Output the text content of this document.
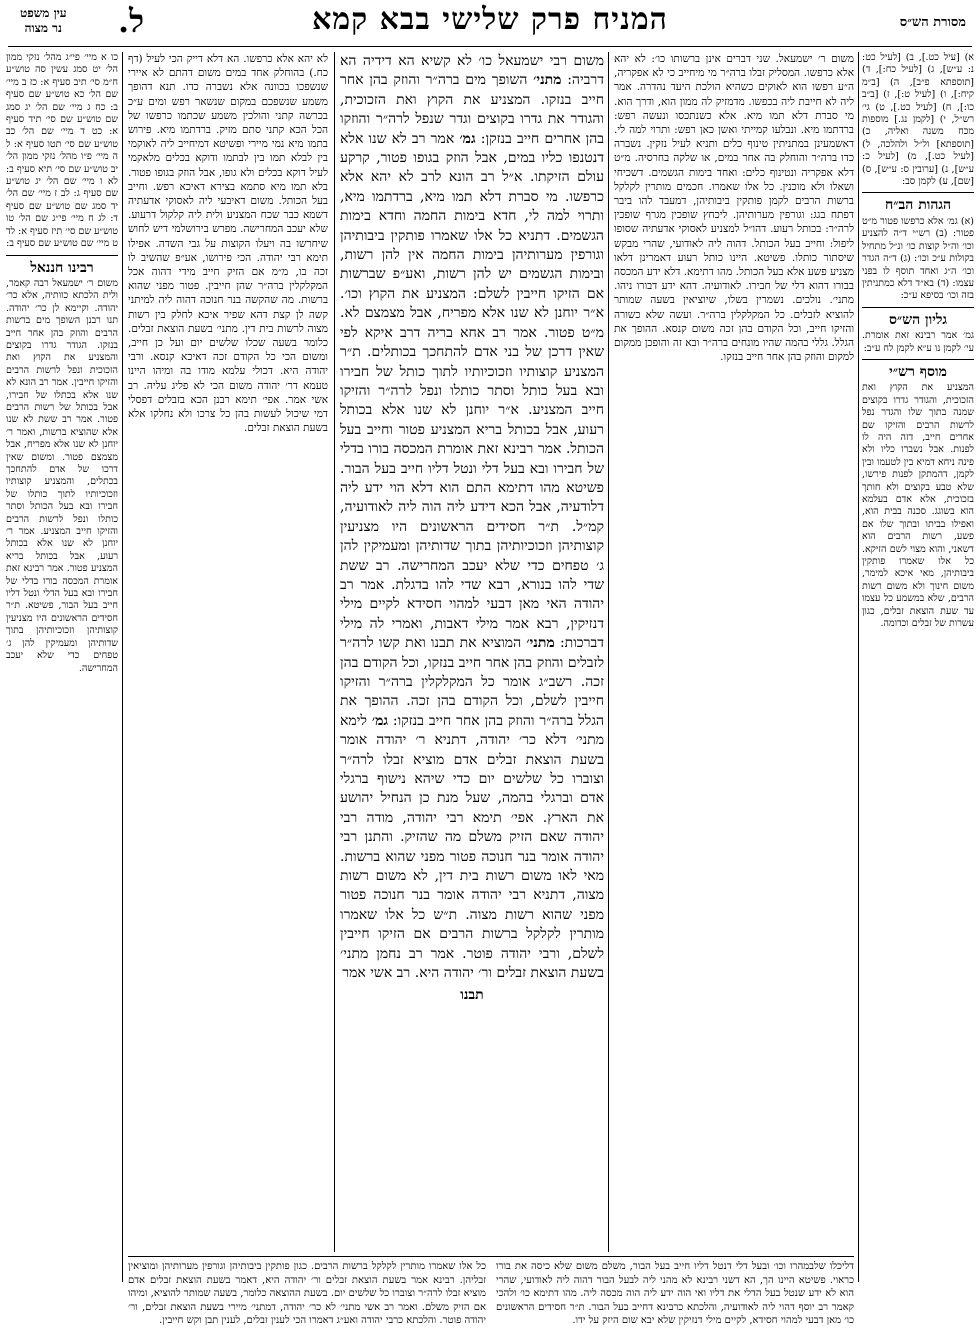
מסורת הש״ס
המניח פרק שלישי בבא קמא
ל.
עין משפט
נר מצוה
א) [עיל כט.], ב) [לעיל כט: נ: ע״ש], ג) [לעיל כח:], ד) [תוספתא פ״ב], ה) [ב״מ קיח:], ו) [לעיל ט:], ז) [ב״ב כו:], ח) [לעיל כט.], ט) גי׳ רש״ל, י) [לקמן נג.] מוספות מכח משנה ואליה, כ) [תוספתא] ול״ל ולהלכה, ל) [לעיל כט.], מ) [לעיל כ: ע״ש], נ) [ערובין ס: ע״ש], ס) [שם], ע) לקמן סב:
הגהות הב״ח
(א) גמ׳ אלא כרפשו פטור מ״ט פטור: (ב) רש״י ד״ה להצניע וכו׳ וה״ל קוצות כו׳ ונ״ל מתחיל בקולות ע״כ וכו׳: (ג) ד״ה הגדר וכו׳ ה״ג ואחד תוסף לו בפני עצמו: (ד) בא״ד דלא כמתניתין בזה וכו׳ בסיפא ע״כ:
גליון הש״ס
גמ׳ אמר רבינא זאת אומרת. עי׳ לקמן נו ע״א לקמן לח ע״ב:
מוסף רש״י
המצניע את הקוץ ואת הזכוכית, והגודר גדרו בקוצים שמנה בתוך שלו והגדר נפל לרשות הרבים והזיקו שם אחרים חייב, דזה היה לו לפנות. אבל נשברו כליו ולא פינה ניחא דמיא בין לטעמו ובין לקמן, דהמתקן לפנות פירשו, שלא טבע בקוצים ולא חותך בזכוכית, אלא אדם בעלמא הוא בשוגג. סכנה בבית הוא, ואפילו בביתו ובתוך שלו אם פשע, רשות הרבים הוא דשאני, והוא מצוי לשם הזיקא. כל אלו שאמרו פותקין ביבותיהן, מאי איכא למימר, משום חינוך ולא משום רשות הרבים, שלא במשמע כל עצמו עד שעת הוצאת זבלים, כגון עשרות של זבלים וכדומה.
כו א מיי׳ פי״ג מהל׳ נזקי ממון הל׳ יט סמג עשין סה טוש״ע ח״מ סי׳ תיב סעיף א: כז ב מיי׳ שם הל׳ כא טוש״ע שם סעיף ב: כח ג מיי׳ שם הל׳ יג סמג שם טוש״ע שם סי׳ תיד סעיף א: כט ד מיי׳ שם הל׳ כב טוש״ע שם סי׳ תטו סעיף א: ל ה מיי׳ פ״ו מהל׳ נזקי ממון הל׳ יב טוש״ע שם סי׳ תיא סעיף ב: לא ו מיי׳ שם הל׳ יג טוש״ע שם סעיף ג: לב ז מיי׳ שם הל׳ יד סמג שם טוש״ע שם סעיף ד: לג ח מיי׳ פי״ג שם הל׳ טו טוש״ע שם סי׳ תיז סעיף א: לד ט מיי׳ שם טוש״ע שם סעיף ב:
רבינו חננאל
משום ר׳ ישמעאל רבה קאמר, ולית הלכתא כוותיה, אלא כר׳ יהודה. וקיימא לן כר׳ יהודה. תנו רבנן השופך מים ברשות הרבים והוזק בהן אחר חייב בנזקו. הגודר גדרו בקוצים והמצניע את הקוץ ואת הזכוכית ונפל לרשות הרבים והזיקו חייבין. אמר רב הונא לא שנו אלא בכתלו של חבירו, אבל בכותל של רשות הרבים פטור. אמר רב ששת לא שנו אלא שהוציא ברשות, ואמר ר׳ יוחנן לא שנו אלא מפריח, אבל מצמצם פטור. ומשום שאין דרכו של אדם להתחכך בכתלים, והמצניע קוצותיו וזכוכיותיו לתוך כותלו של חבירו ובא בעל הכותל וסתר כותלו ונפל לרשות הרבים והזיקו חייב המצניע. אמר ר׳ יוחנן לא שנו אלא בכותל רעוע, אבל בכותל בריא המצניע פטור. אמר רבינא זאת אומרת המכסה בורו בדלי של חבירו ובא בעל הדלי ונטל דליו חייב בעל הבור, פשיטא. ת״ר חסידים הראשונים היו מצניעין קוצותיהן וזכוכיותיהן בתוך שדותיהן ומעמיקין להן ג׳ טפחים כדי שלא יעכב המחרישה.
משום ר׳ ישמעאל. שני דברים אינן ברשותו כו׳: לא יהא אלא כרפשו. המסליק זבלו ברה״ר מי מיחייב כי לא אפקריה, ה״ע רפשו הוא לאוקים כשהיא הולכת היעד נהדרה. אמר ליה לא חייבת ליה בכפשו. מדמזיק לה ממון הוא, ודרך הוא. מי סברת דלא תמו מיא. אלא כשנתכסו ונעשה רפש: ברדתמו מיא. ונבלעו קמייתי ואשן כאן רפש: ותרוי למה לי. דאשמעינן במתניתין טינוף כלים ותניא לעיל נזקין. נשברה כדו ברה״ר והוחלק בה אחר במים, או שלקה בחרסיה. מ״ט דלא אפקריה ונטינוף כלים: ואחד בימות הגשמים. דשכיחי ושאלו ולא מוכנין. כל אלו שאמרו. חכמים מותרין לקלקל ברשות הרבים לקמן פותקין ביבותיהן, דמעבד להו ביבר דפתח בגג: וגורפין מערותיהן. ליכחץ שופכין מגרף שופכין לרה״ר: בכותל רעוע. דהו״ל למצניע לאסוקי אדעתיה שסופו ליפול: וחייב בעל הכותל. דהוה ליה לאודועי, שהרי מבקש שיסתור כותלו. פשיטא. היינו כותל רעוע דאמרינן דלאו מצניע פשע אלא בעל הכותל. מהו דתימא. דלא ידע המכסה בבורו דהוא דלי של חבירו. לאודועיה. דהא ידע דבורו ניהו. מתני׳. נולכים. נשמרין בשלו, שיוציאין בשעה שמותר להוציא לזבלים. כל המקלקלין ברה״ר. ועשה שלא כשורה והזיקו חייב, וכל הקודם בהן זכה משום קנסא. ההופך את הגלל. גללי בהמה שהיו מונחים ברה״ר ובא זה והופכן ממקום למקום והוזק בהן אחר חייב בנזקו.
לא יהא אלא כרפשו. הא דלא דייק הכי לעיל (דף כח.) בהוחלק אחד במים משום דהתם לא איירי שנשפכו בכוונה אלא נשברה כדו. תנא דהופך משמע שנשפכם במקום שנשאר רפש ומים ע״כ בכרשה קתני והולכין משמע שכתמו כרפשו של הכל הכא קתני סתם מזיק. ברדתמו מיא. פירוש בתמו מיא נמי מיירי ופשיטא דמיחייב ליה לאוקמי בין לבלא תמו בין לבתמו ודוקא בכלים מלאקמי לעיל דוקא בכלים ולא גופו, אבל הוזק בגופו פטור. בלא תמו מיא סתמא בצירא דאיכא רפש. וחייב בעל הכותל. משום דאיבעי ליה לאסוקי אדעתיה דשמא כבר שכח המצניע ולית ליה קלקול דרעוע. שלא יעכב המחרישה. מפרש בירושלמי דיש לחוש שיחרשו בה ויעלו הקוצות על גבי השדה. אפילו תימא רבי יהודה. הכי פירושו, אע״פ שהשיב לו זכה בו, מ״מ אם הזיק חייב מידי דהוה אכל המקלקלין ברה״ר שהן חייבין. פטור מפני שהוא ברשות. מה שהקשה בנר חנוכה דהוה ליה למיתני קשה לן קצת דהא שפיר איכא לחלק בין רשות מצוה לרשות בית דין. מתני׳ בשעת הוצאת זבלים. כלומר בשעה שכלו שלשים יום ועל כן חייב, ומשום הכי כל הקודם זכה דאיכא קנסא. ורבי יהודה היא. דכולי עלמא מודו בה ומיהו היינו טעמא דר׳ יהודה משום הכי לא פליג עליה. רב אשי אמר. אפי׳ תימא רבנן הכא בזבלים דפסלי דמי שיכול לעשות בהן כל צרכו ולא נחלקו אלא בשעת הוצאת זבלים.
משום רבי ישמעאל כו׳ לא קשיא הא דידיה הא דרביה: מתני׳ השופך מים ברה״ר והוזק בהן אחר חייב בנזקו. המצניע את הקוץ ואת הזכוכית, והגודר את גדרו בקוצים וגדר שנפל לרה״ר והוזקו בהן אחרים חייב בנזקן: גמ׳ אמר רב לא שנו אלא דנטנפו כליו במים, אבל הוזק בגופו פטור, קרקע עולם הזיקתו. א״ל רב הונא לרב לא יהא אלא כרפשו. מי סברת דלא תמו מיא, ברדתמו מיא, ותרוי למה לי, חדא בימות החמה וחדא בימות הגשמים. דתניא כל אלו שאמרו פותקין ביבותיהן וגורפין מערותיהן בימות החמה אין להן רשות, ובימות הגשמים יש להן רשות, ואע״פ שברשות אם הזיקו חייבין לשלם: המצניע את הקוץ וכו׳. א״ר יוחנן לא שנו אלא מפריח, אבל מצמצם לא. מ״ט פטור. אמר רב אחא בריה דרב איקא לפי שאין דרכן של בני אדם להתחכך בכותלים. ת״ר המצניע קוצותיו וזכוכיותיו לתוך כותל של חבירו ובא בעל כותל וסתר כותלו ונפל לרה״ר והזיקו חייב המצניע. א״ר יוחנן לא שנו אלא בכותל רעוע, אבל בכותל בריא המצניע פטור וחייב בעל הכותל. אמר רבינא זאת אומרת המכסה בורו בדלי של חבירו ובא בעל דלי ונטל דליו חייב בעל הבור. פשיטא מהו דתימא התם הוא דלא הוי ידע ליה דלודעיה, אבל הכא דידע ליה הוה ליה לאודועיה, קמ״ל. ת״ר חסידים הראשונים היו מצניעין קוצותיהן וזכוכיותיהן בתוך שדותיהן ומעמיקין להן ג׳ טפחים כדי שלא יעכב המחרישה. רב ששת שדי להו בנורא, רבא שדי להו בדגלת. אמר רב יהודה האי מאן דבעי למהוי חסידא לקיים מילי דנזיקין, רבא אמר מילי דאבות, ואמרי לה מילי דברכות: מתני׳ המוציא את תבנו ואת קשו לרה״ר לזבלים והוזק בהן אחר חייב בנזקו, וכל הקודם בהן זכה. רשב״ג אומר כל המקלקלין ברה״ר והזיקו חייבין לשלם, וכל הקודם בהן זכה. ההופך את הגלל ברה״ר והוזק בהן אחר חייב בנזקו: גמ׳ לימא מתני׳ דלא כר׳ יהודה, דתניא ר׳ יהודה אומר בשעת הוצאת זבלים אדם מוציא זבלו לרה״ר וצוברו כל שלשים יום כדי שיהא נישוף ברגלי אדם וברגלי בהמה, שעל מנת כן הנחיל יהושע את הארץ. אפי׳ תימא רבי יהודה, מודה רבי יהודה שאם הזיק משלם מה שהזיק. והתנן רבי יהודה אומר בנר חנוכה פטור מפני שהוא ברשות. מאי לאו משום רשות בית דין, לא משום רשות מצוה, דתניא רבי יהודה אומר בנר חנוכה פטור מפני שהוא רשות מצוה. ת״ש כל אלו שאמרו מותרין לקלקל ברשות הרבים אם הזיקו חייבין לשלם, ורבי יהודה פוטר. אמר רב נחמן מתני׳ בשעת הוצאת זבלים ור׳ יהודה היא. רב אשי אמר
תבנו
דליכלו שלבמהרו וכו׳ ובעל דלי דנטל דליו חייב בעל הבור, משלם משום שלא כיסה את בורו כראוי. פשיטא היינו הך, הא דשני רבינא לא מהני ליה לבעל הבור דהוה ליה לאודועי, שהרי הוא לא ידע שנטל בעל הדלי את דליו ואי הוה ידע ליה הוה מכסה ליה. מהו דתימא כו׳ ולהכי קאמר רב יוסף דהוי ליה לאודועיה, והלכתא כרבינא דחייב בעל הבור. ת״ר חסידים הראשונים כו׳ מאן דבעי למהוי חסידא, לקיים מילי דנזיקין שלא יבא שום היזק על ידו.
כל אלו שאמרו מותרין לקלקל ברשות הרבים. כגון פותקין ביבותיהן וגורפין מערותיהן ומוציאין זבליהן. רבינא אמר בשעת הוצאת זבלים ור׳ יהודה היא, דאמר בשעת הוצאת זבלים אדם מוציא זבלו לרה״ר וצוברו כל שלשים יום. בשעת ההוצאה כלומר, בשעה שמותר להוציא, ומיהו אם הזיק משלם. ואמר רב אשי מתני׳ לא כר׳ יהודה, דמתני׳ מיירי בשעת הוצאת זבלים, ור׳ יהודה פוטר. והלכתא כרבי יהודה ואע״ג דאמרו הכי לענין זבלים, לענין תבן וקש חייבין.
